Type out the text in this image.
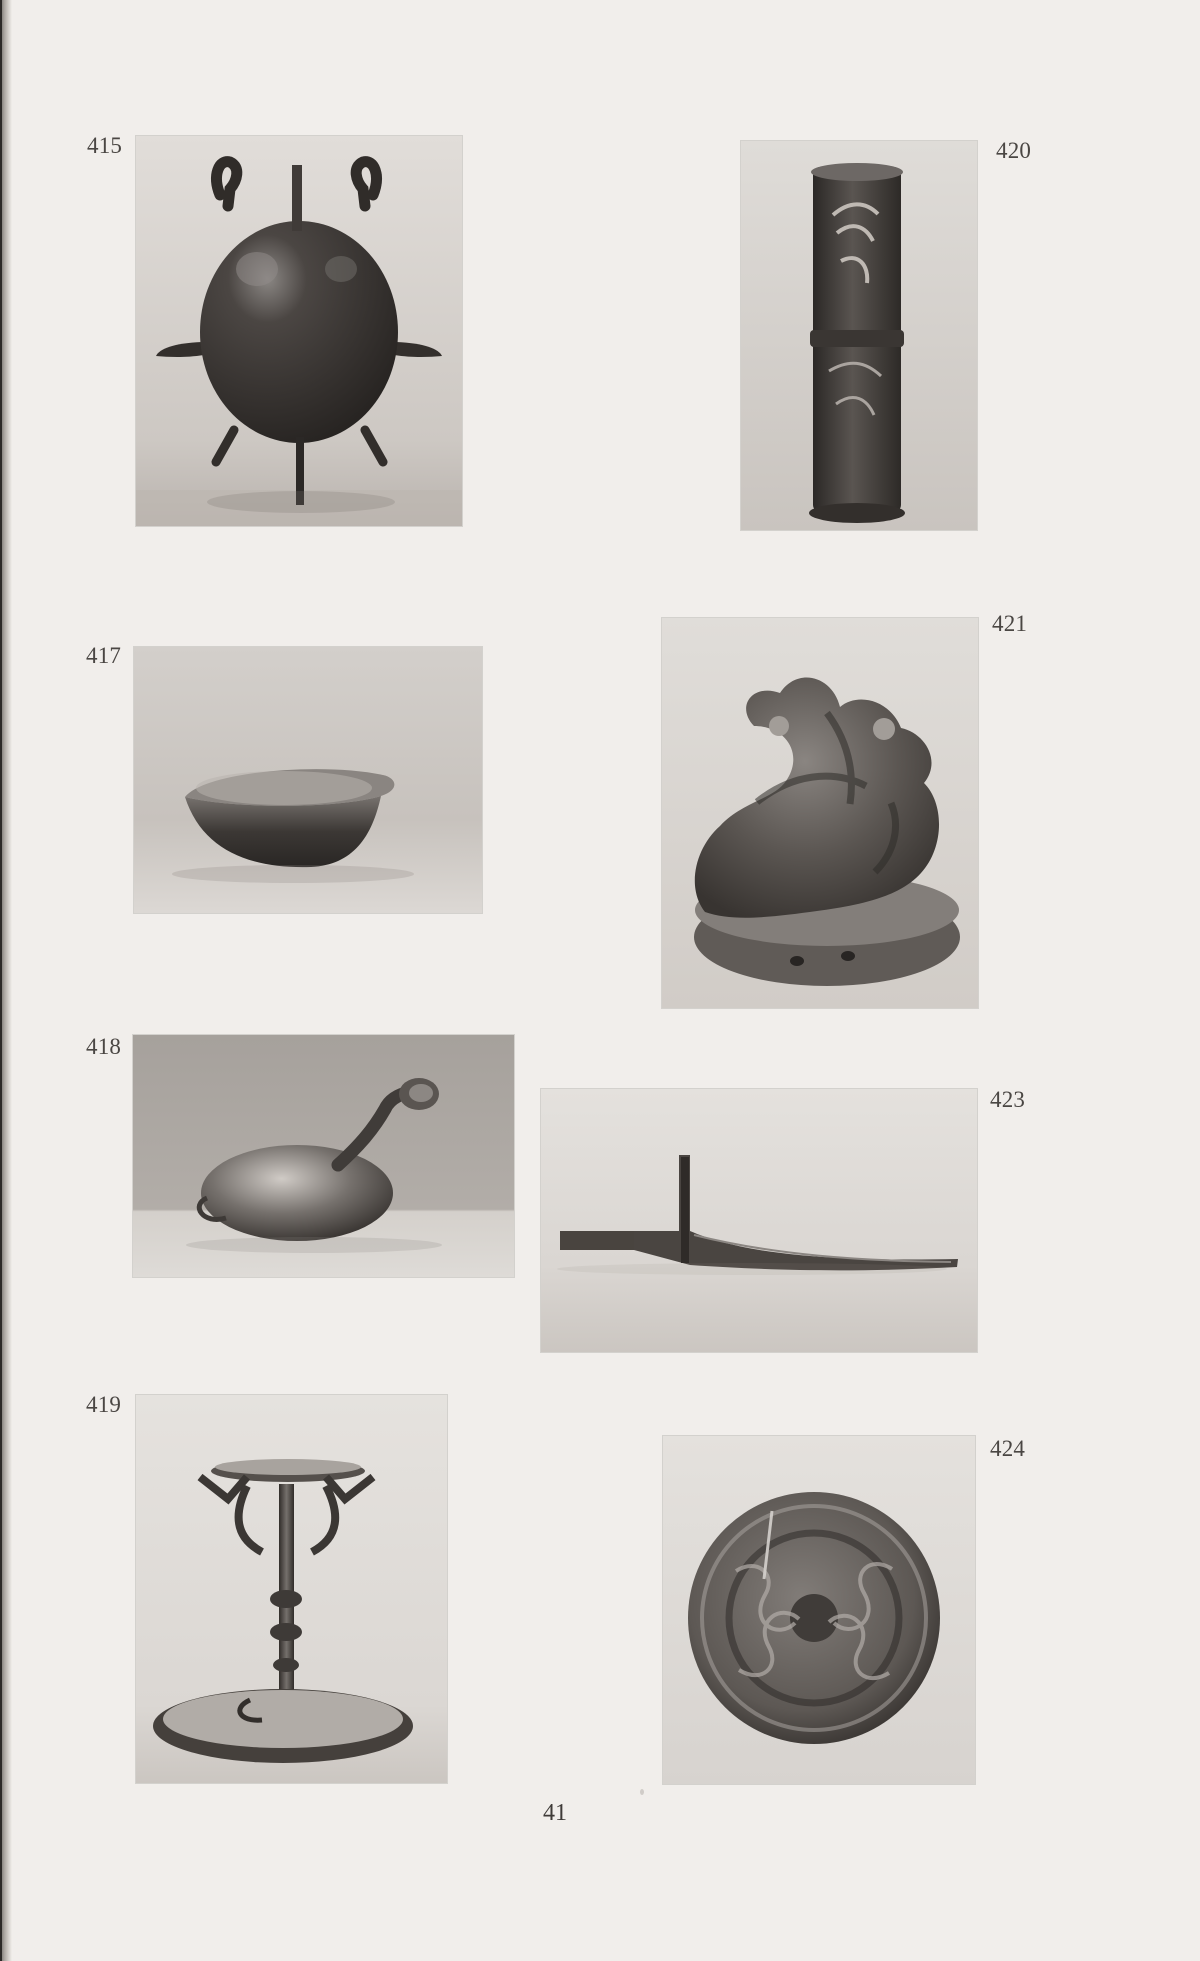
415	420
417
421
418
423
419
424
41
